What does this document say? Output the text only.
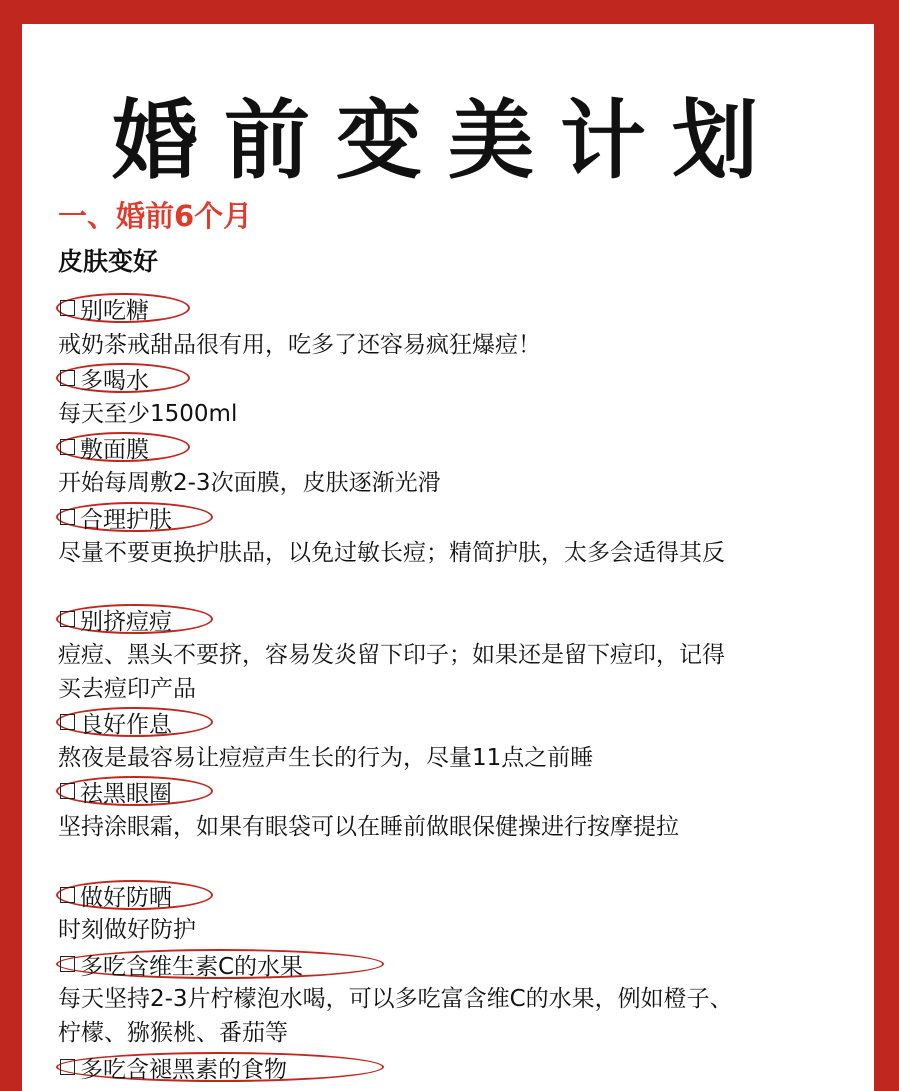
婚前变美计划
一、婚前6个月
皮肤变好
别吃糖

戒奶茶戒甜品很有用，吃多了还容易疯狂爆痘！

多喝水

每天至少1500ml

敷面膜

开始每周敷2-3次面膜，皮肤逐渐光滑

合理护肤

尽量不要更换护肤品，以免过敏长痘；精简护肤，太多会适得其反

别挤痘痘

痘痘、黑头不要挤，容易发炎留下印子；如果还是留下痘印，记得买去痘印产品

良好作息

熬夜是最容易让痘痘声生长的行为，尽量11点之前睡

祛黑眼圈

坚持涂眼霜，如果有眼袋可以在睡前做眼保健操进行按摩提拉

做好防晒

时刻做好防护

多吃含维生素C的水果

每天坚持2-3片柠檬泡水喝，可以多吃富含维C的水果，例如橙子、柠檬、猕猴桃、番茄等

多吃含褪黑素的食物
